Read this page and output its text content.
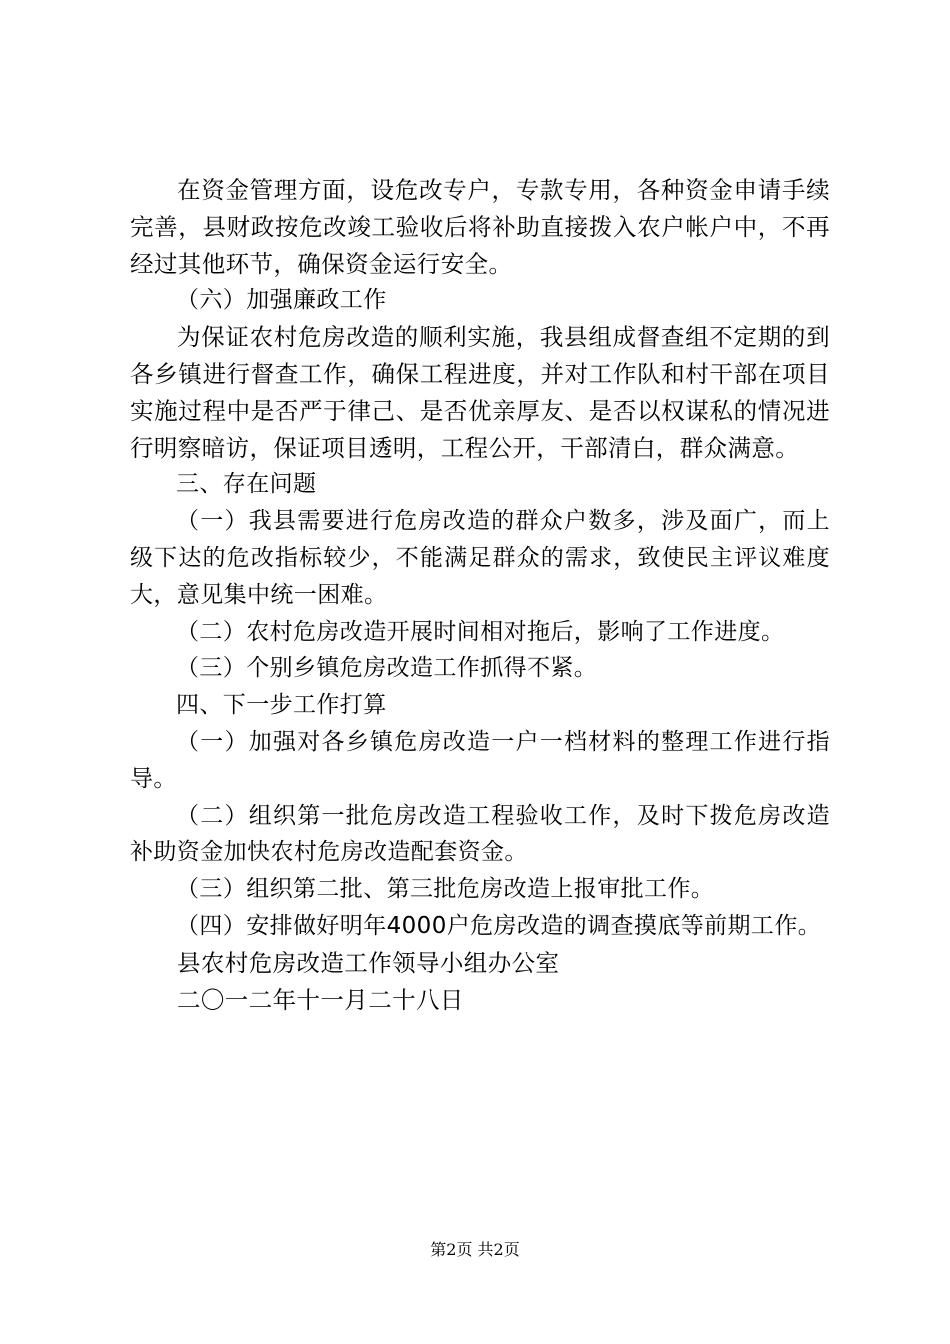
在资金管理方面，设危改专户，专款专用，各种资金申请手续完善，县财政按危改竣工验收后将补助直接拨入农户帐户中，不再经过其他环节，确保资金运行安全。

（六）加强廉政工作

为保证农村危房改造的顺利实施，我县组成督查组不定期的到各乡镇进行督查工作，确保工程进度，并对工作队和村干部在项目实施过程中是否严于律己、是否优亲厚友、是否以权谋私的情况进行明察暗访，保证项目透明，工程公开，干部清白，群众满意。

三、存在问题

（一）我县需要进行危房改造的群众户数多，涉及面广，而上级下达的危改指标较少，不能满足群众的需求，致使民主评议难度大，意见集中统一困难。

（二）农村危房改造开展时间相对拖后，影响了工作进度。

（三）个别乡镇危房改造工作抓得不紧。

四、下一步工作打算

（一）加强对各乡镇危房改造一户一档材料的整理工作进行指导。

（二）组织第一批危房改造工程验收工作，及时下拨危房改造补助资金加快农村危房改造配套资金。

（三）组织第二批、第三批危房改造上报审批工作。

（四）安排做好明年4000户危房改造的调查摸底等前期工作。

县农村危房改造工作领导小组办公室

二〇一二年十一月二十八日

第2页 共2页
